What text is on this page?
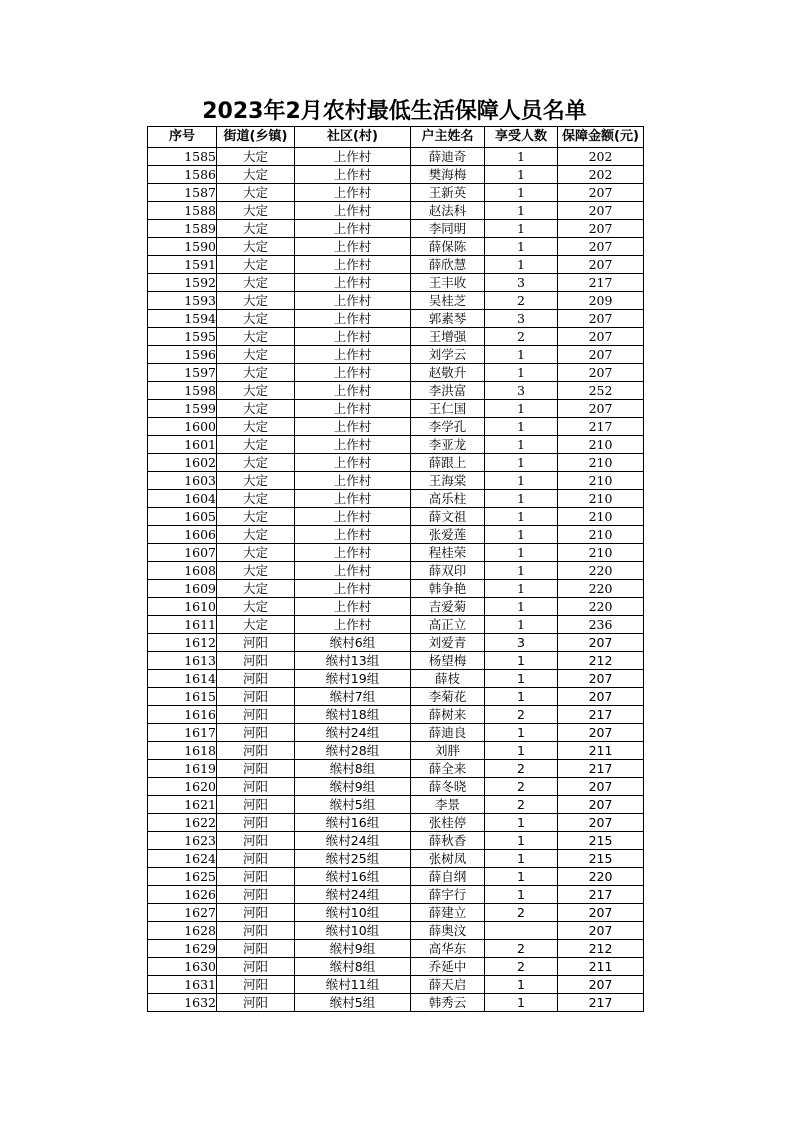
2023年2月农村最低生活保障人员名单
序号	街道(乡镇)	社区(村)	户主姓名	享受人数	保障金额(元)
1585	大定	上作村	薛迪奇	1	202
1586	大定	上作村	樊海梅	1	202
1587	大定	上作村	王新英	1	207
1588	大定	上作村	赵法科	1	207
1589	大定	上作村	李同明	1	207
1590	大定	上作村	薛保陈	1	207
1591	大定	上作村	薛欣慧	1	207
1592	大定	上作村	王丰收	3	217
1593	大定	上作村	吴桂芝	2	209
1594	大定	上作村	郭素琴	3	207
1595	大定	上作村	王增强	2	207
1596	大定	上作村	刘学云	1	207
1597	大定	上作村	赵敬升	1	207
1598	大定	上作村	李洪富	3	252
1599	大定	上作村	王仁国	1	207
1600	大定	上作村	李学孔	1	217
1601	大定	上作村	李亚龙	1	210
1602	大定	上作村	薛跟上	1	210
1603	大定	上作村	王海棠	1	210
1604	大定	上作村	高乐柱	1	210
1605	大定	上作村	薛文祖	1	210
1606	大定	上作村	张爱莲	1	210
1607	大定	上作村	程桂荣	1	210
1608	大定	上作村	薛双印	1	220
1609	大定	上作村	韩争艳	1	220
1610	大定	上作村	吉爱菊	1	220
1611	大定	上作村	高正立	1	236
1612	河阳	缑村6组	刘爱青	3	207
1613	河阳	缑村13组	杨望梅	1	212
1614	河阳	缑村19组	薛枝	1	207
1615	河阳	缑村7组	李菊花	1	207
1616	河阳	缑村18组	薛树来	2	217
1617	河阳	缑村24组	薛迪良	1	207
1618	河阳	缑村28组	刘胖	1	211
1619	河阳	缑村8组	薛全来	2	217
1620	河阳	缑村9组	薛冬晓	2	207
1621	河阳	缑村5组	李景	2	207
1622	河阳	缑村16组	张桂停	1	207
1623	河阳	缑村24组	薛秋香	1	215
1624	河阳	缑村25组	张树凤	1	215
1625	河阳	缑村16组	薛自纲	1	220
1626	河阳	缑村24组	薛宇行	1	217
1627	河阳	缑村10组	薛建立	2	207
1628	河阳	缑村10组	薛奥汶		207
1629	河阳	缑村9组	高华东	2	212
1630	河阳	缑村8组	乔延中	2	211
1631	河阳	缑村11组	薛天启	1	207
1632	河阳	缑村5组	韩秀云	1	217
